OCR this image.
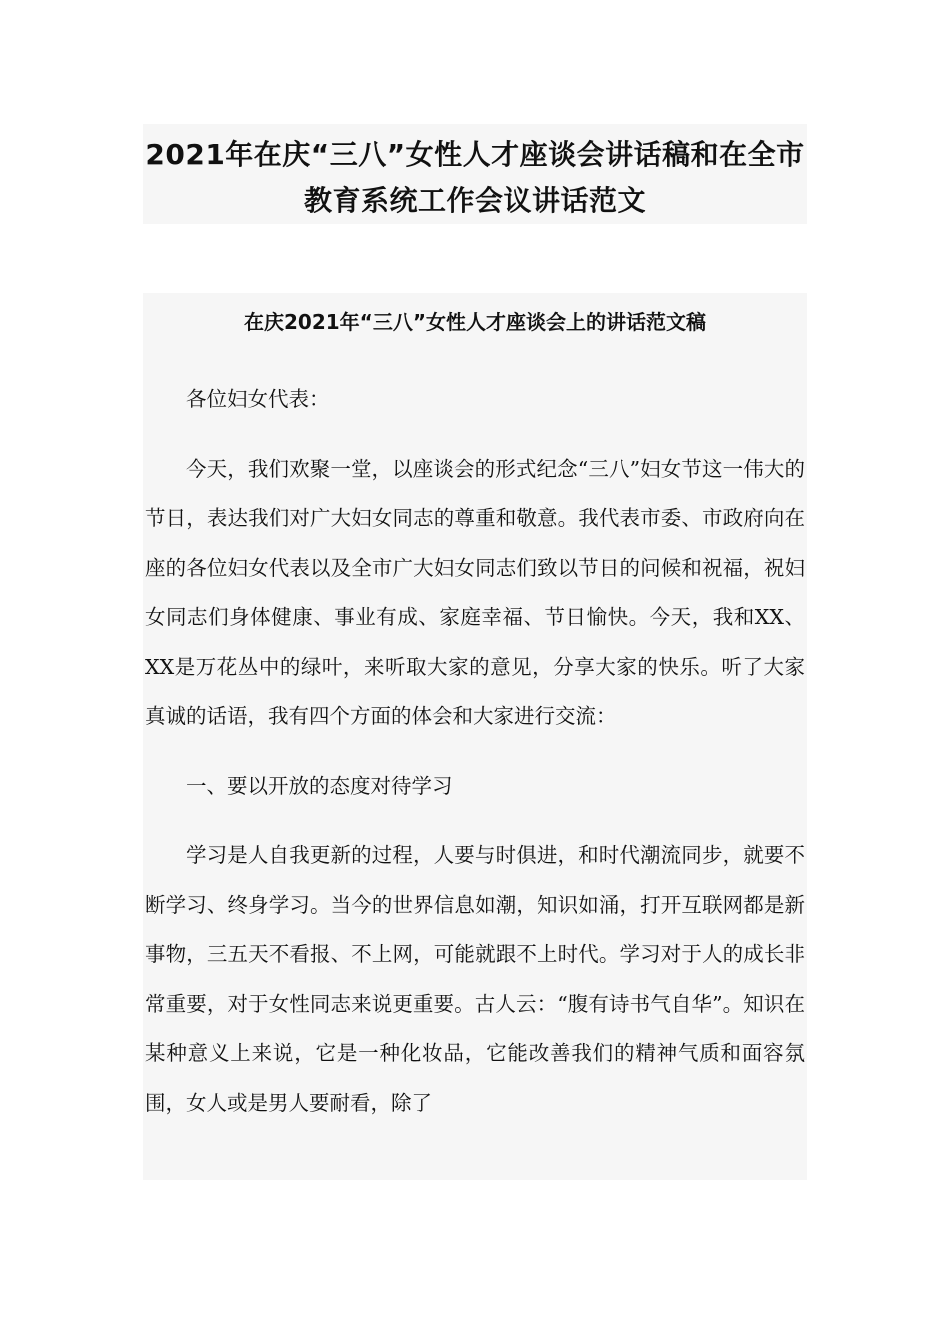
2021年在庆“三八”女性人才座谈会讲话稿和在全市教育系统工作会议讲话范文
在庆2021年“三八”女性人才座谈会上的讲话范文稿

各位妇女代表：

今天，我们欢聚一堂，以座谈会的形式纪念“三八”妇女节这一伟大的节日，表达我们对广大妇女同志的尊重和敬意。我代表市委、市政府向在座的各位妇女代表以及全市广大妇女同志们致以节日的问候和祝福，祝妇女同志们身体健康、事业有成、家庭幸福、节日愉快。今天，我和XX、XX是万花丛中的绿叶，来听取大家的意见，分享大家的快乐。听了大家真诚的话语，我有四个方面的体会和大家进行交流：

一、要以开放的态度对待学习

学习是人自我更新的过程，人要与时俱进，和时代潮流同步，就要不断学习、终身学习。当今的世界信息如潮，知识如涌，打开互联网都是新事物，三五天不看报、不上网，可能就跟不上时代。学习对于人的成长非常重要，对于女性同志来说更重要。古人云：“腹有诗书气自华”。知识在某种意义上来说，它是一种化妆品，它能改善我们的精神气质和面容氛围，女人或是男人要耐看，除了
